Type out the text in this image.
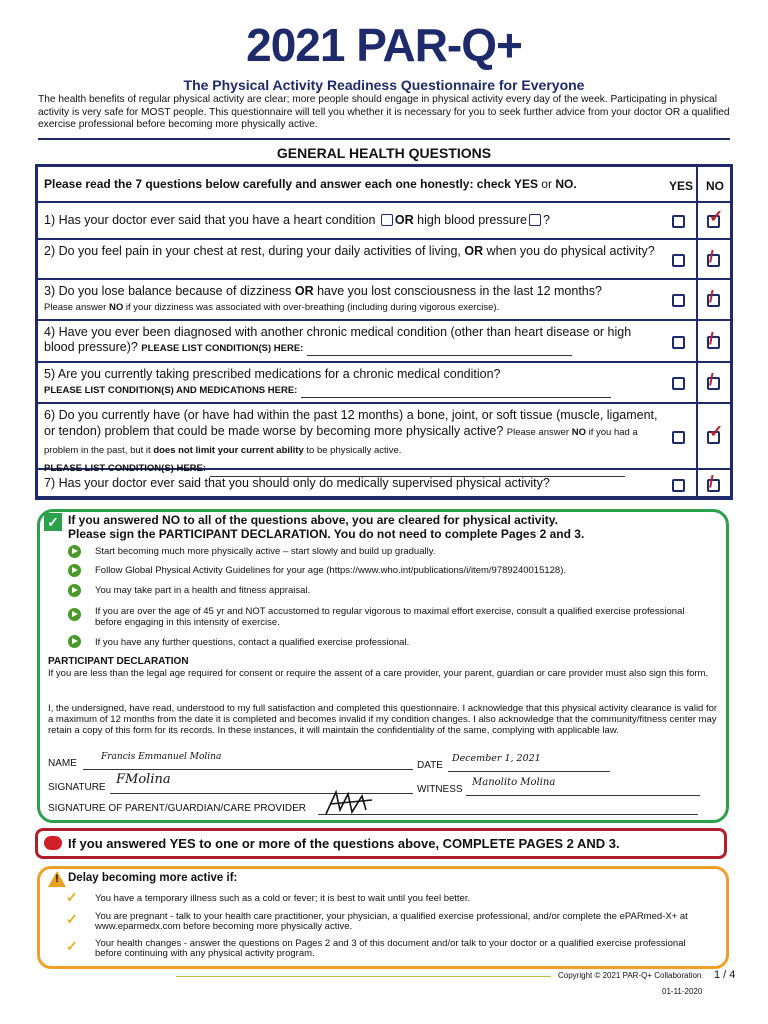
2021 PAR-Q+
The Physical Activity Readiness Questionnaire for Everyone
The health benefits of regular physical activity are clear; more people should engage in physical activity every day of the week. Participating in physical activity is very safe for MOST people. This questionnaire will tell you whether it is necessary for you to seek further advice from your doctor OR a qualified exercise professional before becoming more physically active.
GENERAL HEALTH QUESTIONS
Please read the 7 questions below carefully and answer each one honestly: check YES or NO.	YES NO
1) Has your doctor ever said that you have a heart condition OR high blood pressure ?
2) Do you feel pain in your chest at rest, during your daily activities of living, OR when you do physical activity?
3) Do you lose balance because of dizziness OR have you lost consciousness in the last 12 months?
Please answer NO if your dizziness was associated with over-breathing (including during vigorous exercise).
4) Have you ever been diagnosed with another chronic medical condition (other than heart disease or high blood pressure)? PLEASE LIST CONDITION(S) HERE:
5) Are you currently taking prescribed medications for a chronic medical condition?
PLEASE LIST CONDITION(S) AND MEDICATIONS HERE:
6) Do you currently have (or have had within the past 12 months) a bone, joint, or soft tissue (muscle, ligament, or tendon) problem that could be made worse by becoming more physically active? Please answer NO if you had a problem in the past, but it does not limit your current ability to be physically active.
PLEASE LIST CONDITION(S) HERE:
7) Has your doctor ever said that you should only do medically supervised physical activity?
✓
/
/
/
/
✓
/
✓ If you answered NO to all of the questions above, you are cleared for physical activity.
Please sign the PARTICIPANT DECLARATION. You do not need to complete Pages 2 and 3.
Start becoming much more physically active – start slowly and build up gradually.
Follow Global Physical Activity Guidelines for your age (https://www.who.int/publications/i/item/9789240015128).
You may take part in a health and fitness appraisal.
If you are over the age of 45 yr and NOT accustomed to regular vigorous to maximal effort exercise, consult a qualified exercise professional before engaging in this intensity of exercise.
If you have any further questions, contact a qualified exercise professional.
PARTICIPANT DECLARATION
If you are less than the legal age required for consent or require the assent of a care provider, your parent, guardian or care provider must also sign this form.
I, the undersigned, have read, understood to my full satisfaction and completed this questionnaire. I acknowledge that this physical activity clearance is valid for a maximum of 12 months from the date it is completed and becomes invalid if my condition changes. I also acknowledge that the community/fitness center may retain a copy of this form for its records. In these instances, it will maintain the confidentiality of the same, complying with applicable law.
NAME
Francis Emmanuel Molina
DATE
December 1, 2021
SIGNATURE
FMolina
WITNESS
Manolito Molina
SIGNATURE OF PARENT/GUARDIAN/CARE PROVIDER
If you answered YES to one or more of the questions above, COMPLETE PAGES 2 AND 3.
! Delay becoming more active if:
✓ You have a temporary illness such as a cold or fever; it is best to wait until you feel better.
✓ You are pregnant - talk to your health care practitioner, your physician, a qualified exercise professional, and/or complete the ePARmed-X+ at www.eparmedx.com before becoming more physically active.
✓ Your health changes - answer the questions on Pages 2 and 3 of this document and/or talk to your doctor or a qualified exercise professional before continuing with any physical activity program.
Copyright © 2021 PAR-Q+ Collaboration 1 / 4
01-11-2020
